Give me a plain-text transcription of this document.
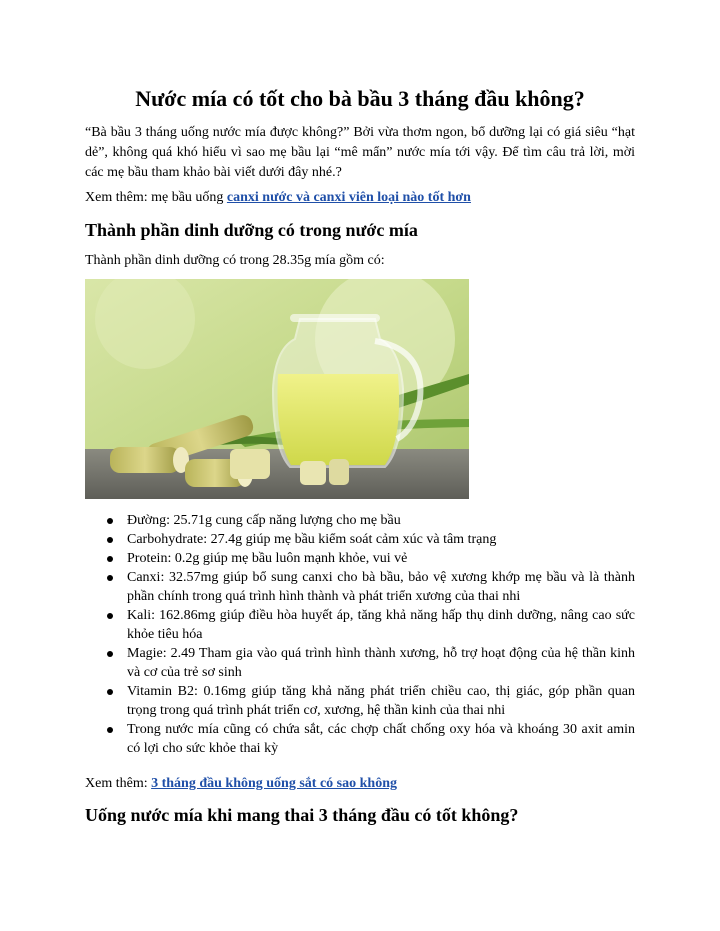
Nước mía có tốt cho bà bầu 3 tháng đầu không?

“Bà bầu 3 tháng uống nước mía được không?” Bởi vừa thơm ngon, bổ dưỡng lại có giá siêu “hạt dẻ”, không quá khó hiểu vì sao mẹ bầu lại “mê mẩn” nước mía tới vậy. Để tìm câu trả lời, mời các mẹ bầu tham khảo bài viết dưới đây nhé.?

Xem thêm: mẹ bầu uống canxi nước và canxi viên loại nào tốt hơn
Thành phần dinh dưỡng có trong nước mía
Thành phần dinh dưỡng có trong 28.35g mía gồm có:
Đường: 25.71g cung cấp năng lượng cho mẹ bầu
Carbohydrate: 27.4g giúp mẹ bầu kiểm soát cảm xúc và tâm trạng
Protein: 0.2g giúp mẹ bầu luôn mạnh khỏe, vui vẻ
Canxi: 32.57mg giúp bổ sung canxi cho bà bầu, bảo vệ xương khớp mẹ bầu và là thành phần chính trong quá trình hình thành và phát triển xương của thai nhi
Kali: 162.86mg giúp điều hòa huyết áp, tăng khả năng hấp thụ dinh dưỡng, nâng cao sức khỏe tiêu hóa
Magie: 2.49 Tham gia vào quá trình hình thành xương, hỗ trợ hoạt động của hệ thần kinh và cơ của trẻ sơ sinh
Vitamin B2: 0.16mg giúp tăng khả năng phát triển chiều cao, thị giác, góp phần quan trọng trong quá trình phát triển cơ, xương, hệ thần kinh của thai nhi
Trong nước mía cũng có chứa sắt, các chợp chất chống oxy hóa và khoáng 30 axit amin có lợi cho sức khỏe thai kỳ
Xem thêm: 3 tháng đầu không uống sắt có sao không
Uống nước mía khi mang thai 3 tháng đầu có tốt không?
